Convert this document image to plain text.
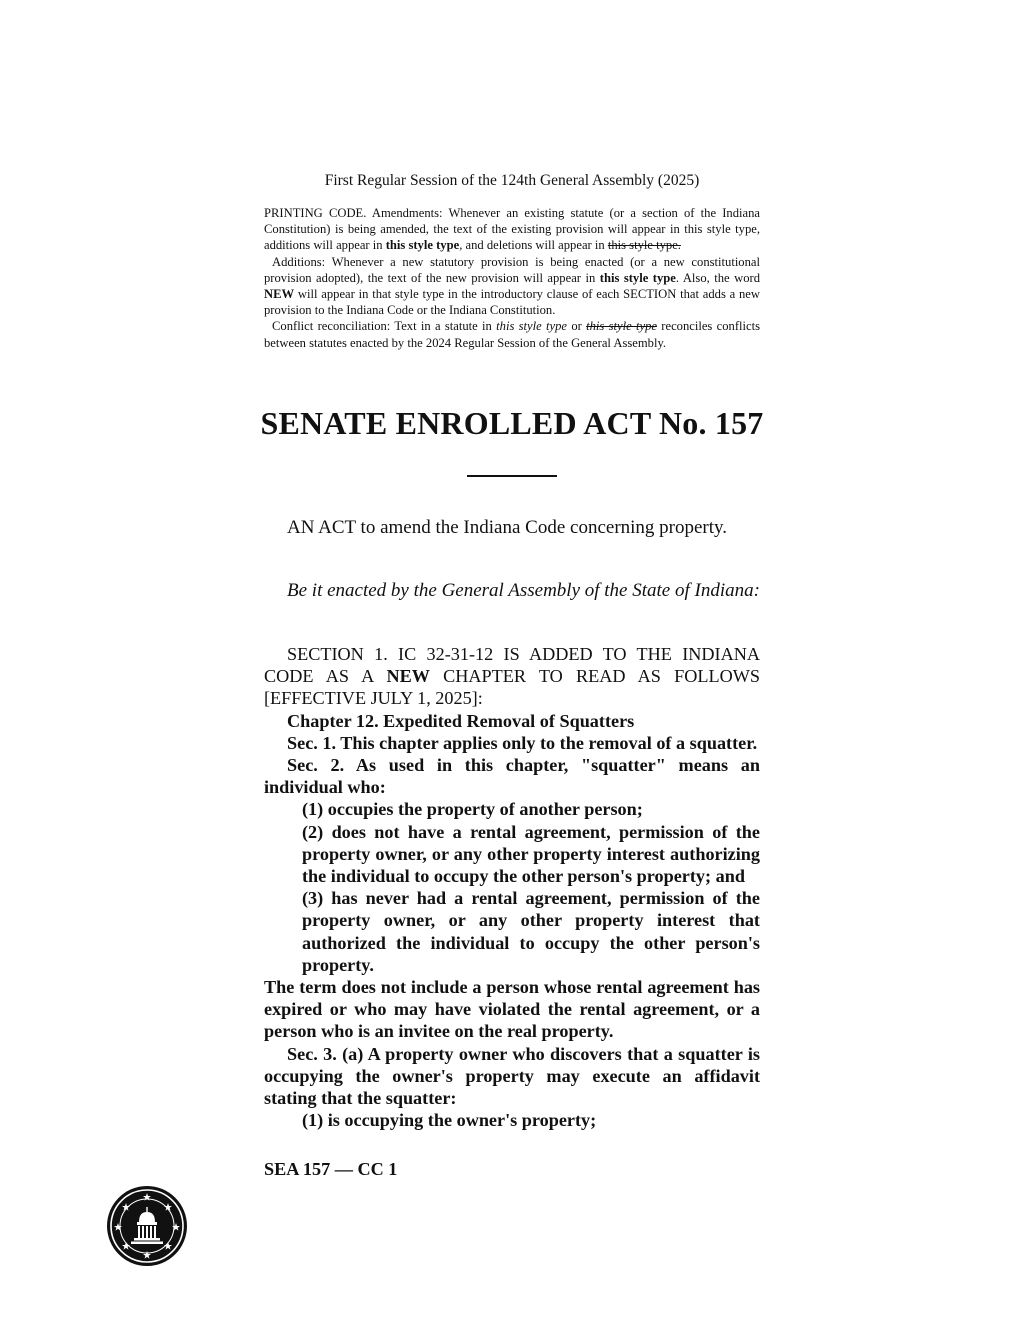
First Regular Session of the 124th General Assembly (2025)

PRINTING CODE. Amendments: Whenever an existing statute (or a section of the Indiana Constitution) is being amended, the text of the existing provision will appear in this style type, additions will appear in this style type, and deletions will appear in this style type.

Additions: Whenever a new statutory provision is being enacted (or a new constitutional provision adopted), the text of the new provision will appear in this style type. Also, the word NEW will appear in that style type in the introductory clause of each SECTION that adds a new provision to the Indiana Code or the Indiana Constitution.

Conflict reconciliation: Text in a statute in this style type or this style type reconciles conflicts between statutes enacted by the 2024 Regular Session of the General Assembly.

SENATE ENROLLED ACT No. 157
AN ACT to amend the Indiana Code concerning property.
Be it enacted by the General Assembly of the State of Indiana:

SECTION 1. IC 32-31-12 IS ADDED TO THE INDIANA CODE AS A NEW CHAPTER TO READ AS FOLLOWS [EFFECTIVE JULY 1, 2025]:

Chapter 12. Expedited Removal of Squatters

Sec. 1. This chapter applies only to the removal of a squatter.

Sec. 2. As used in this chapter, "squatter" means an individual who:

(1) occupies the property of another person;

(2) does not have a rental agreement, permission of the property owner, or any other property interest authorizing the individual to occupy the other person's property; and

(3) has never had a rental agreement, permission of the property owner, or any other property interest that authorized the individual to occupy the other person's property.

The term does not include a person whose rental agreement has expired or who may have violated the rental agreement, or a person who is an invitee on the real property.

Sec. 3. (a) A property owner who discovers that a squatter is occupying the owner's property may execute an affidavit stating that the squatter:

(1) is occupying the owner's property;

SEA 157 — CC 1
